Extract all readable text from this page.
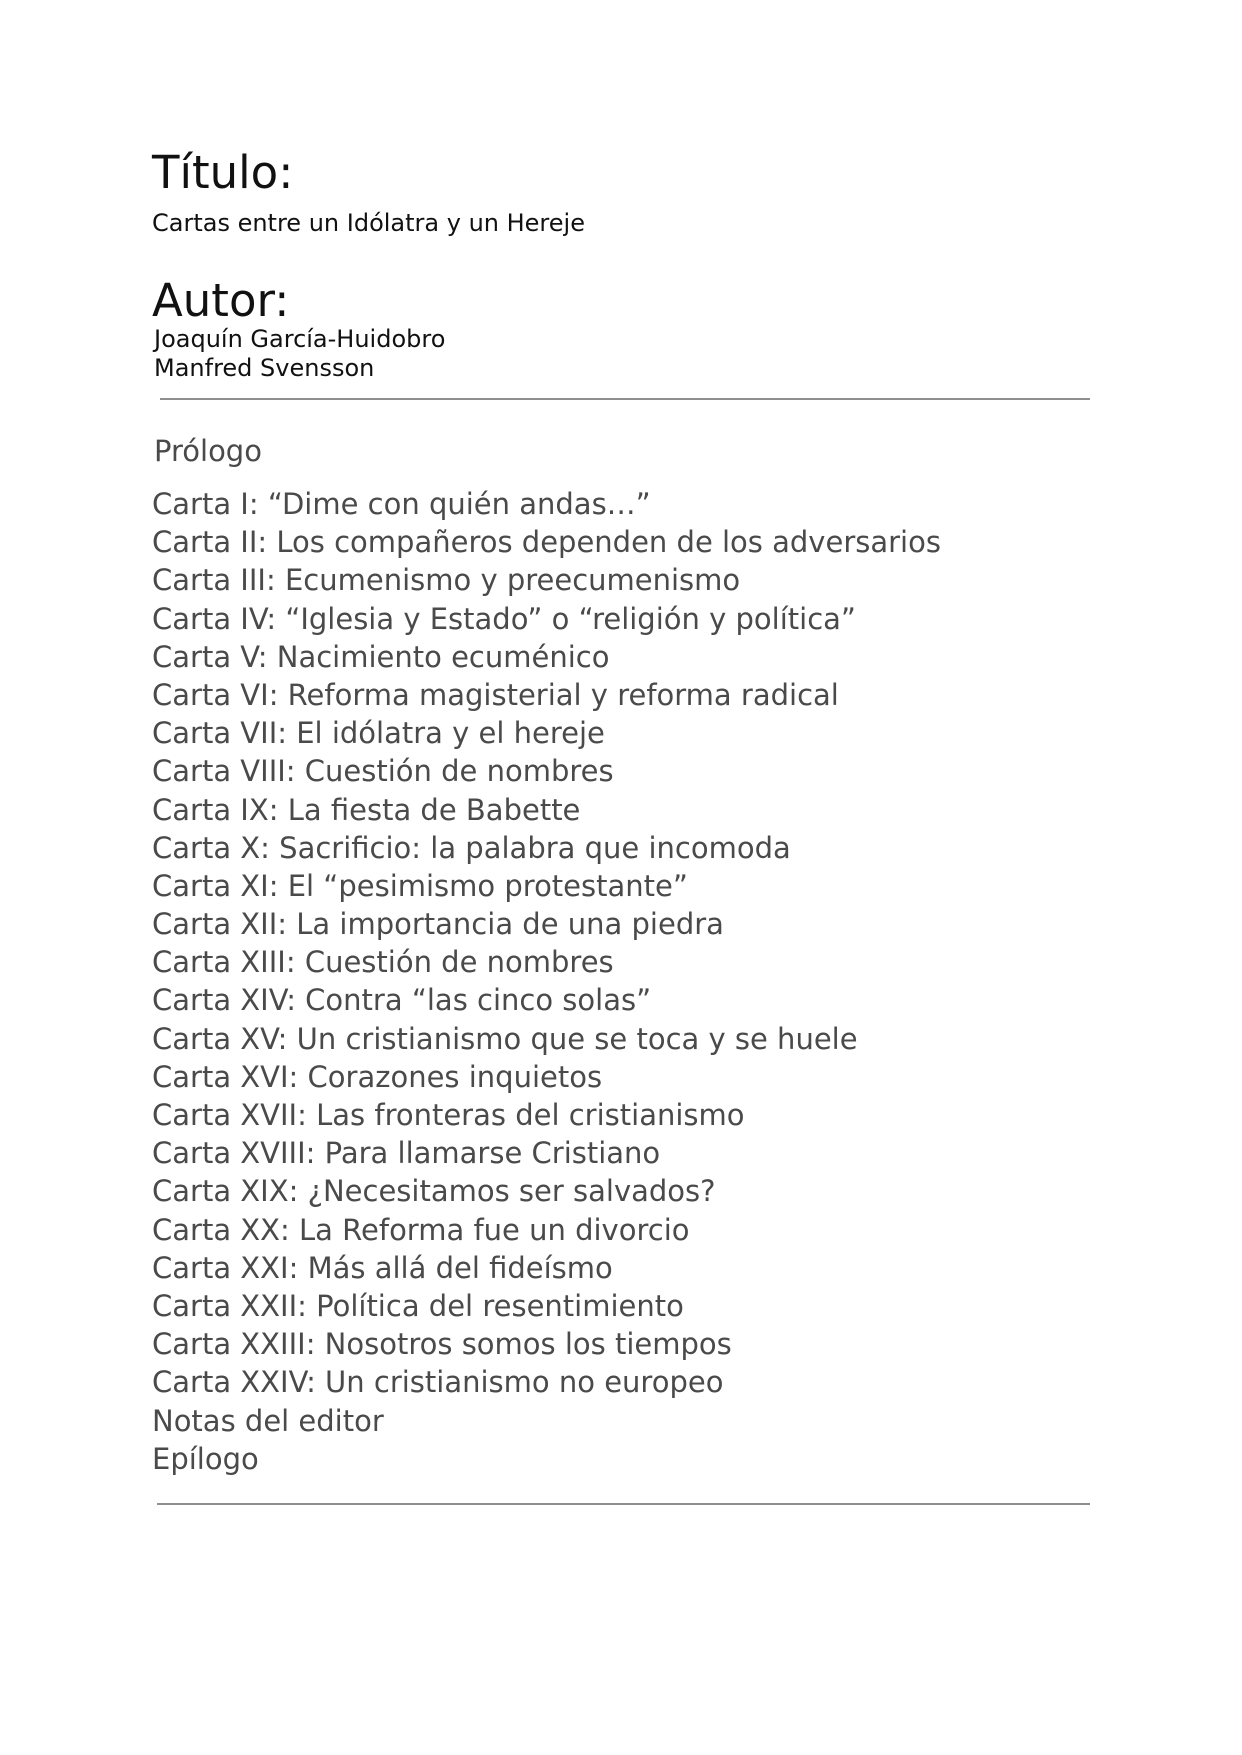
Título:
Cartas entre un Idólatra y un Hereje
Autor:
Joaquín García-Huidobro
Manfred Svensson
Prólogo
Carta I: “Dime con quién andas…”
Carta II: Los compañeros dependen de los adversarios
Carta III: Ecumenismo y preecumenismo
Carta IV: “Iglesia y Estado” o “religión y política”
Carta V: Nacimiento ecuménico
Carta VI: Reforma magisterial y reforma radical
Carta VII: El idólatra y el hereje
Carta VIII: Cuestión de nombres
Carta IX: La fiesta de Babette
Carta X: Sacrificio: la palabra que incomoda
Carta XI: El “pesimismo protestante”
Carta XII: La importancia de una piedra
Carta XIII: Cuestión de nombres
Carta XIV: Contra “las cinco solas”
Carta XV: Un cristianismo que se toca y se huele
Carta XVI: Corazones inquietos
Carta XVII: Las fronteras del cristianismo
Carta XVIII: Para llamarse Cristiano
Carta XIX: ¿Necesitamos ser salvados?
Carta XX: La Reforma fue un divorcio
Carta XXI: Más allá del fideísmo
Carta XXII: Política del resentimiento
Carta XXIII: Nosotros somos los tiempos
Carta XXIV: Un cristianismo no europeo
Notas del editor
Epílogo
